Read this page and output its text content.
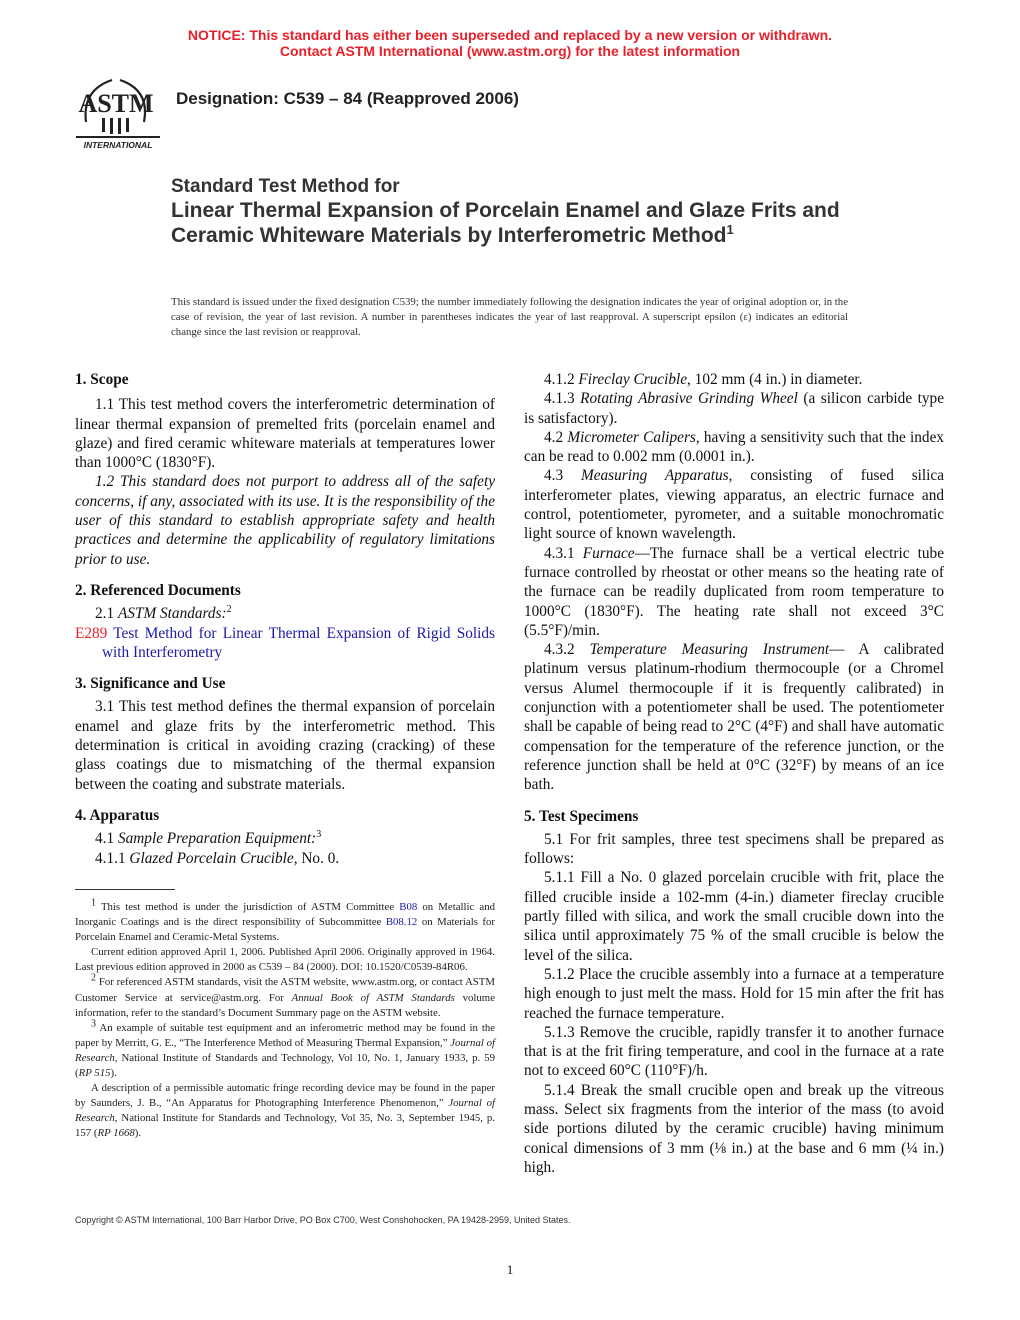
NOTICE: This standard has either been superseded and replaced by a new version or withdrawn.
Contact ASTM International (www.astm.org) for the latest information
ASTM
INTERNATIONAL
Designation: C539 – 84 (Reapproved 2006)
Standard Test Method for
Linear Thermal Expansion of Porcelain Enamel and Glaze Frits and Ceramic Whiteware Materials by Interferometric Method$^1$
This standard is issued under the fixed designation C539; the number immediately following the designation indicates the year of original adoption or, in the case of revision, the year of last revision. A number in parentheses indicates the year of last reapproval. A superscript epsilon (ε) indicates an editorial change since the last revision or reapproval.

1. Scope

1.1 This test method covers the interferometric determination of linear thermal expansion of premelted frits (porcelain enamel and glaze) and fired ceramic whiteware materials at temperatures lower than 1000°C (1830°F).

1.2 This standard does not purport to address all of the safety concerns, if any, associated with its use. It is the responsibility of the user of this standard to establish appropriate safety and health practices and determine the applicability of regulatory limitations prior to use.

2. Referenced Documents

2.1 ASTM Standards:$^2$

E289 Test Method for Linear Thermal Expansion of Rigid Solids with Interferometry

3. Significance and Use

3.1 This test method defines the thermal expansion of porcelain enamel and glaze frits by the interferometric method. This determination is critical in avoiding crazing (cracking) of these glass coatings due to mismatching of the thermal expansion between the coating and substrate materials.

4. Apparatus

4.1 Sample Preparation Equipment:$^3$

4.1.1 Glazed Porcelain Crucible, No. 0.

$^1$ This test method is under the jurisdiction of ASTM Committee B08 on Metallic and Inorganic Coatings and is the direct responsibility of Subcommittee B08.12 on Materials for Porcelain Enamel and Ceramic-Metal Systems.

Current edition approved April 1, 2006. Published April 2006. Originally approved in 1964. Last previous edition approved in 2000 as C539 – 84 (2000). DOI: 10.1520/C0539-84R06.

$^2$ For referenced ASTM standards, visit the ASTM website, www.astm.org, or contact ASTM Customer Service at service@astm.org. For Annual Book of ASTM Standards volume information, refer to the standard’s Document Summary page on the ASTM website.

$^3$ An example of suitable test equipment and an inferometric method may be found in the paper by Merritt, G. E., “The Interference Method of Measuring Thermal Expansion,” Journal of Research, National Institute of Standards and Technology, Vol 10, No. 1, January 1933, p. 59 (RP 515).

A description of a permissible automatic fringe recording device may be found in the paper by Saunders, J. B., “An Apparatus for Photographing Interference Phenomenon,” Journal of Research, National Institute for Standards and Technology, Vol 35, No. 3, September 1945, p. 157 (RP 1668).

4.1.2 Fireclay Crucible, 102 mm (4 in.) in diameter.

4.1.3 Rotating Abrasive Grinding Wheel (a silicon carbide type is satisfactory).

4.2 Micrometer Calipers, having a sensitivity such that the index can be read to 0.002 mm (0.0001 in.).

4.3 Measuring Apparatus, consisting of fused silica interferometer plates, viewing apparatus, an electric furnace and control, potentiometer, pyrometer, and a suitable monochromatic light source of known wavelength.

4.3.1 Furnace—The furnace shall be a vertical electric tube furnace controlled by rheostat or other means so the heating rate of the furnace can be readily duplicated from room temperature to 1000°C (1830°F). The heating rate shall not exceed 3°C (5.5°F)/min.

4.3.2 Temperature Measuring Instrument— A calibrated platinum versus platinum-rhodium thermocouple (or a Chromel versus Alumel thermocouple if it is frequently calibrated) in conjunction with a potentiometer shall be used. The potentiometer shall be capable of being read to 2°C (4°F) and shall have automatic compensation for the temperature of the reference junction, or the reference junction shall be held at 0°C (32°F) by means of an ice bath.

5. Test Specimens

5.1 For frit samples, three test specimens shall be prepared as follows:

5.1.1 Fill a No. 0 glazed porcelain crucible with frit, place the filled crucible inside a 102-mm (4-in.) diameter fireclay crucible partly filled with silica, and work the small crucible down into the silica until approximately 75 % of the small crucible is below the level of the silica.

5.1.2 Place the crucible assembly into a furnace at a temperature high enough to just melt the mass. Hold for 15 min after the frit has reached the furnace temperature.

5.1.3 Remove the crucible, rapidly transfer it to another furnace that is at the frit firing temperature, and cool in the furnace at a rate not to exceed 60°C (110°F)/h.

5.1.4 Break the small crucible open and break up the vitreous mass. Select six fragments from the interior of the mass (to avoid side portions diluted by the ceramic crucible) having minimum conical dimensions of 3 mm (⅛ in.) at the base and 6 mm (¼ in.) high.

Copyright © ASTM International, 100 Barr Harbor Drive, PO Box C700, West Conshohocken, PA 19428-2959, United States.
1
